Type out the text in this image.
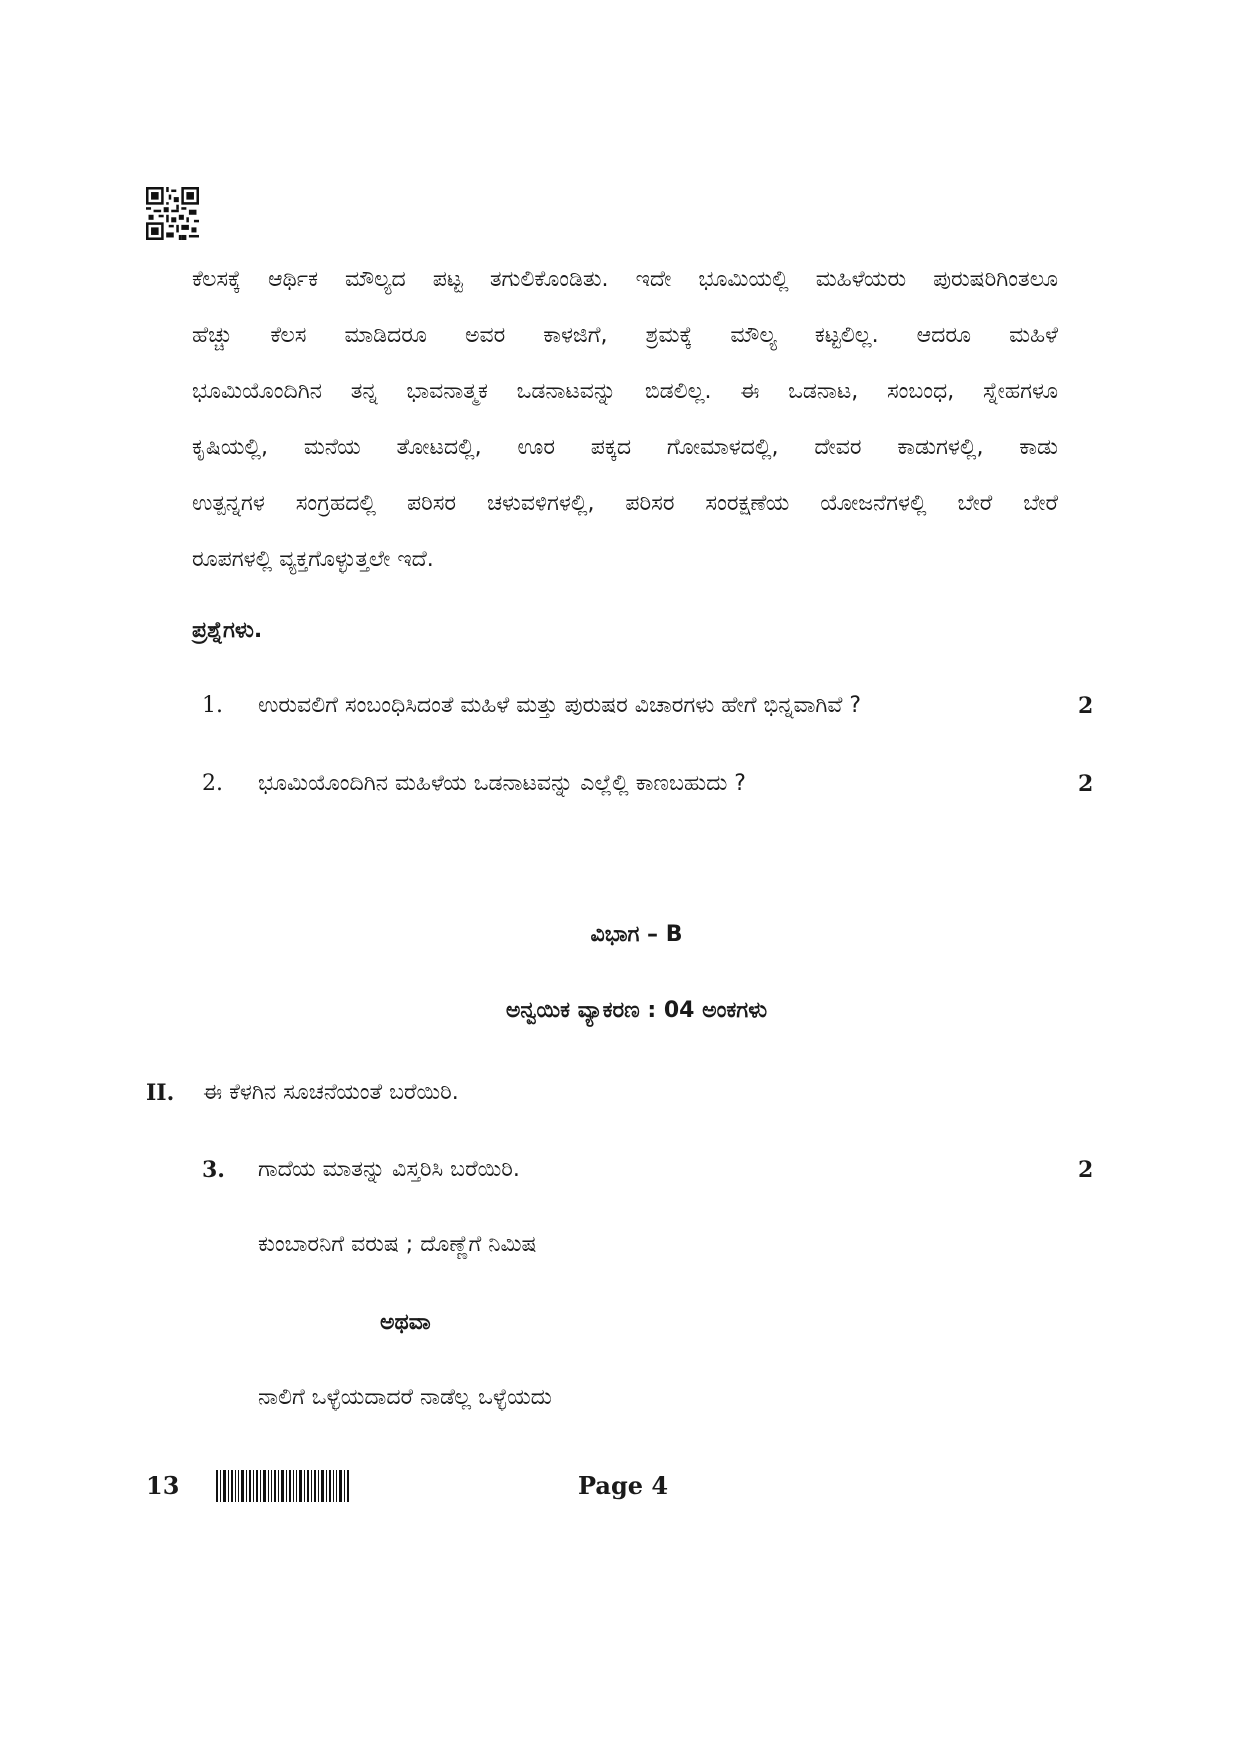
ಕೆಲಸಕ್ಕೆ ಆರ್ಥಿಕ ಮೌಲ್ಯದ ಪಟ್ಟ ತಗುಲಿಕೊಂಡಿತು. ಇದೇ ಭೂಮಿಯಲ್ಲಿ ಮಹಿಳೆಯರು ಪುರುಷರಿಗಿಂತಲೂ
ಹೆಚ್ಚು ಕೆಲಸ ಮಾಡಿದರೂ ಅವರ ಕಾಳಜಿಗೆ, ಶ್ರಮಕ್ಕೆ ಮೌಲ್ಯ ಕಟ್ಟಲಿಲ್ಲ. ಆದರೂ ಮಹಿಳೆ
ಭೂಮಿಯೊಂದಿಗಿನ ತನ್ನ ಭಾವನಾತ್ಮಕ ಒಡನಾಟವನ್ನು ಬಿಡಲಿಲ್ಲ. ಈ ಒಡನಾಟ, ಸಂಬಂಧ, ಸ್ನೇಹಗಳೂ
ಕೃಷಿಯಲ್ಲಿ, ಮನೆಯ ತೋಟದಲ್ಲಿ, ಊರ ಪಕ್ಕದ ಗೋಮಾಳದಲ್ಲಿ, ದೇವರ ಕಾಡುಗಳಲ್ಲಿ, ಕಾಡು
ಉತ್ಪನ್ನಗಳ ಸಂಗ್ರಹದಲ್ಲಿ ಪರಿಸರ ಚಳುವಳಿಗಳಲ್ಲಿ, ಪರಿಸರ ಸಂರಕ್ಷಣೆಯ ಯೋಜನೆಗಳಲ್ಲಿ ಬೇರೆ ಬೇರೆ
ರೂಪಗಳಲ್ಲಿ ವ್ಯಕ್ತಗೊಳ್ಳುತ್ತಲೇ ಇದೆ.
ಪ್ರಶ್ನೆಗಳು.
1. ಉರುವಲಿಗೆ ಸಂಬಂಧಿಸಿದಂತೆ ಮಹಿಳೆ ಮತ್ತು ಪುರುಷರ ವಿಚಾರಗಳು ಹೇಗೆ ಭಿನ್ನವಾಗಿವೆ ?	2
2. ಭೂಮಿಯೊಂದಿಗಿನ ಮಹಿಳೆಯ ಒಡನಾಟವನ್ನು ಎಲ್ಲೆಲ್ಲಿ ಕಾಣಬಹುದು ?	2
ವಿಭಾಗ – B
ಅನ್ವಯಿಕ ವ್ಯಾಕರಣ : 04 ಅಂಕಗಳು
II. ಈ ಕೆಳಗಿನ ಸೂಚನೆಯಂತೆ ಬರೆಯಿರಿ.
3. ಗಾದೆಯ ಮಾತನ್ನು ವಿಸ್ತರಿಸಿ ಬರೆಯಿರಿ.	2
ಕುಂಬಾರನಿಗೆ ವರುಷ ; ದೊಣ್ಣೆಗೆ ನಿಮಿಷ
ಅಥವಾ
ನಾಲಿಗೆ ಒಳ್ಳೆಯದಾದರೆ ನಾಡೆಲ್ಲ ಒಳ್ಳೆಯದು
13	Page 4
